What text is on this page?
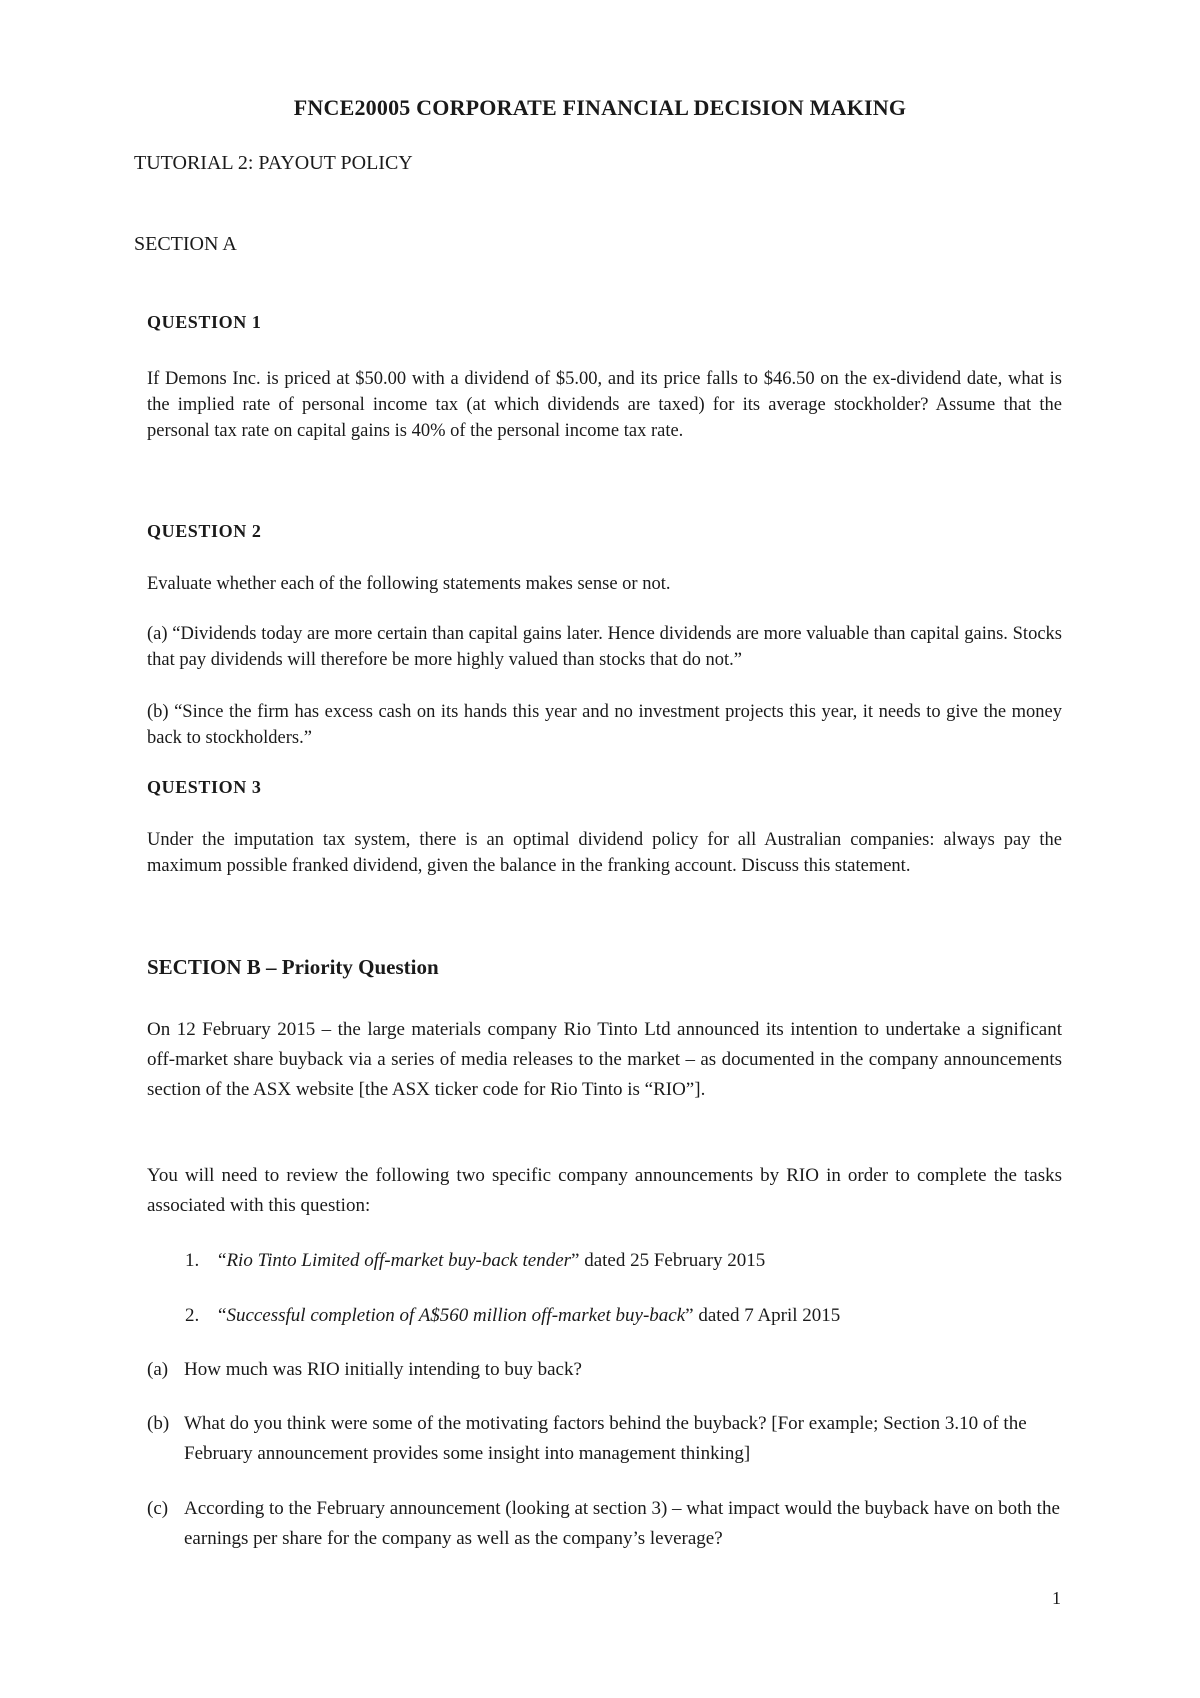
FNCE20005 CORPORATE FINANCIAL DECISION MAKING
TUTORIAL 2: PAYOUT POLICY
SECTION A
QUESTION 1
If Demons Inc. is priced at $50.00 with a dividend of $5.00, and its price falls to $46.50 on the ex-dividend date, what is the implied rate of personal income tax (at which dividends are taxed) for its average stockholder? Assume that the personal tax rate on capital gains is 40% of the personal income tax rate.
QUESTION 2
Evaluate whether each of the following statements makes sense or not.
(a) “Dividends today are more certain than capital gains later. Hence dividends are more valuable than capital gains. Stocks that pay dividends will therefore be more highly valued than stocks that do not.”
(b) “Since the firm has excess cash on its hands this year and no investment projects this year, it needs to give the money back to stockholders.”
QUESTION 3
Under the imputation tax system, there is an optimal dividend policy for all Australian companies: always pay the maximum possible franked dividend, given the balance in the franking account. Discuss this statement.
SECTION B – Priority Question
On 12 February 2015 – the large materials company Rio Tinto Ltd announced its intention to undertake a significant off-market share buyback via a series of media releases to the market – as documented in the company announcements section of the ASX website [the ASX ticker code for Rio Tinto is “RIO”].
You will need to review the following two specific company announcements by RIO in order to complete the tasks associated with this question:
1. “Rio Tinto Limited off-market buy-back tender” dated 25 February 2015
2. “Successful completion of A$560 million off-market buy-back” dated 7 April 2015
(a) How much was RIO initially intending to buy back?
(b) What do you think were some of the motivating factors behind the buyback? [For example; Section 3.10 of the February announcement provides some insight into management thinking]
(c) According to the February announcement (looking at section 3) – what impact would the buyback have on both the earnings per share for the company as well as the company’s leverage?
1
